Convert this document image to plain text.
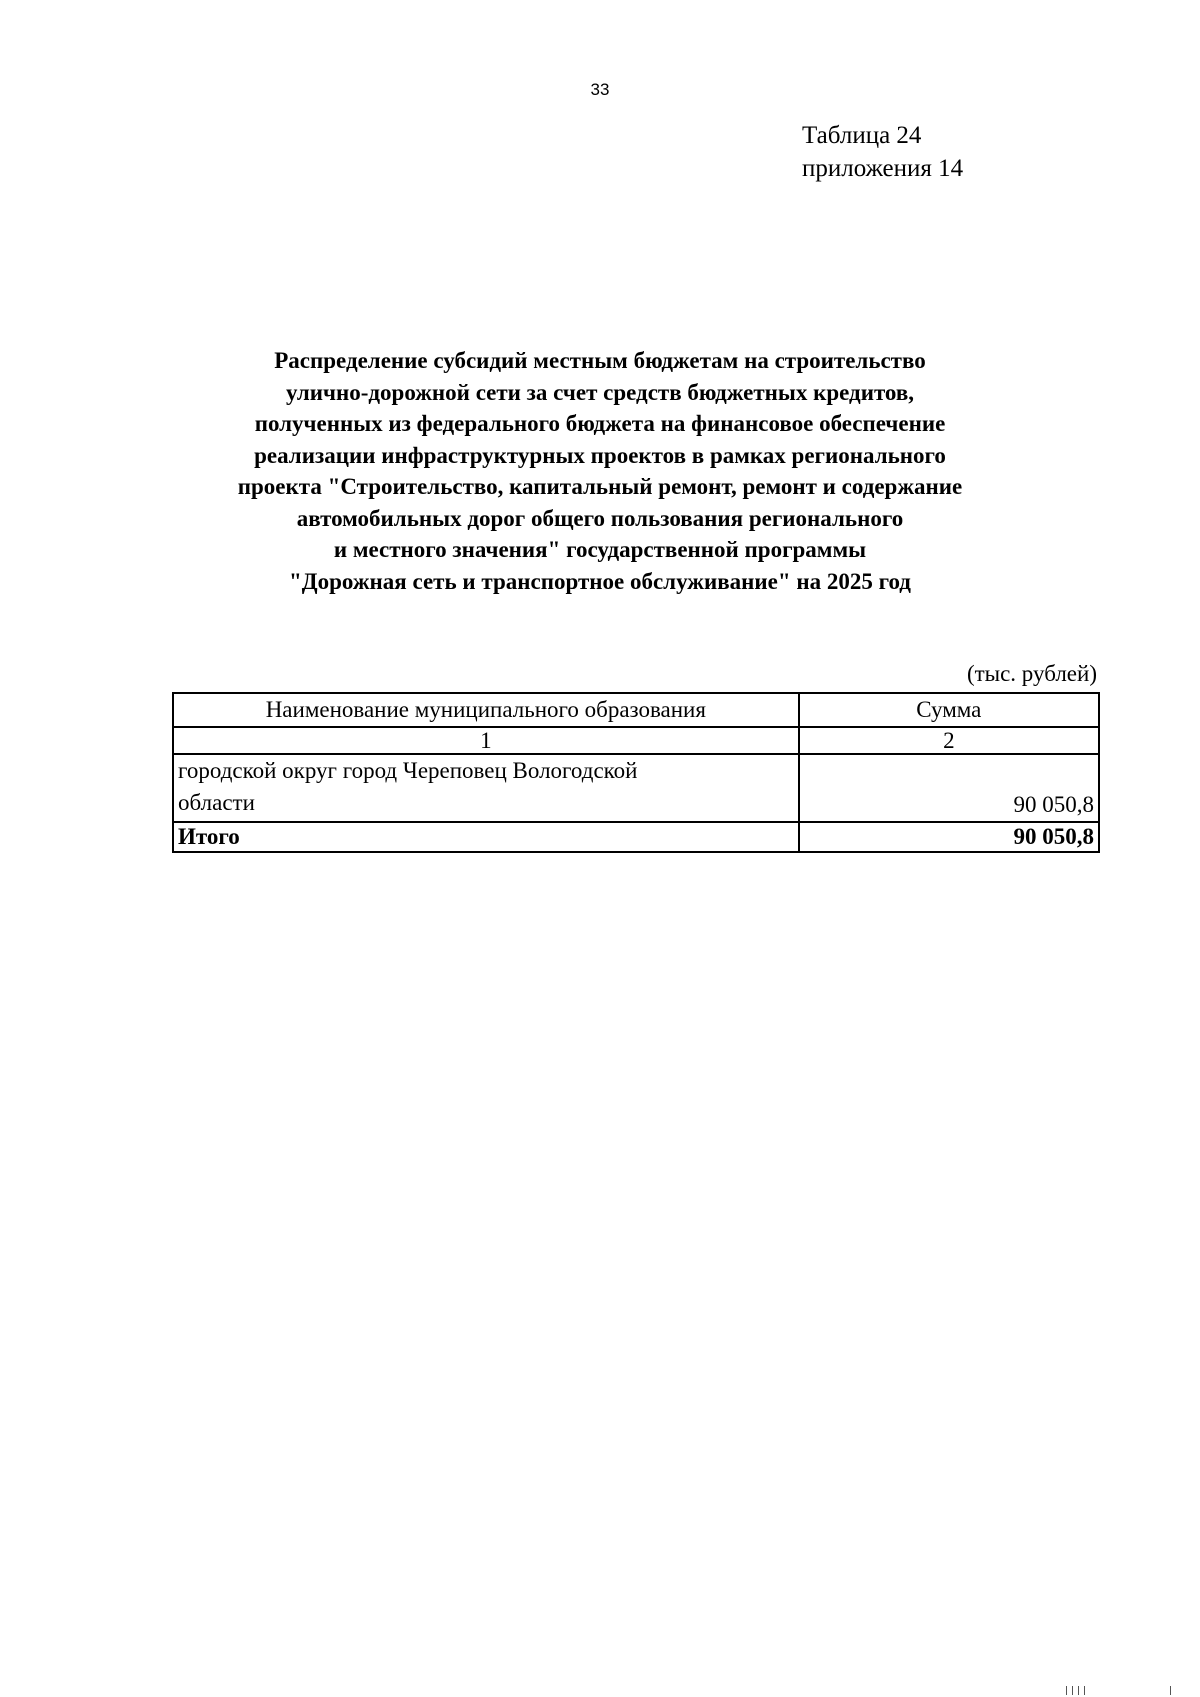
33
Таблица 24
приложения 14
Распределение субсидий местным бюджетам на строительство
улично-дорожной сети за счет средств бюджетных кредитов,
полученных из федерального бюджета на финансовое обеспечение
реализации инфраструктурных проектов в рамках регионального
проекта "Строительство, капитальный ремонт, ремонт и содержание
автомобильных дорог общего пользования регионального
и местного значения" государственной программы
"Дорожная сеть и транспортное обслуживание" на 2025 год
(тыс. рублей)
Наименование муниципального образования	Сумма
1	2

городской округ город Череповец Вологодской
области	90 050,8
Итого	90 050,8
